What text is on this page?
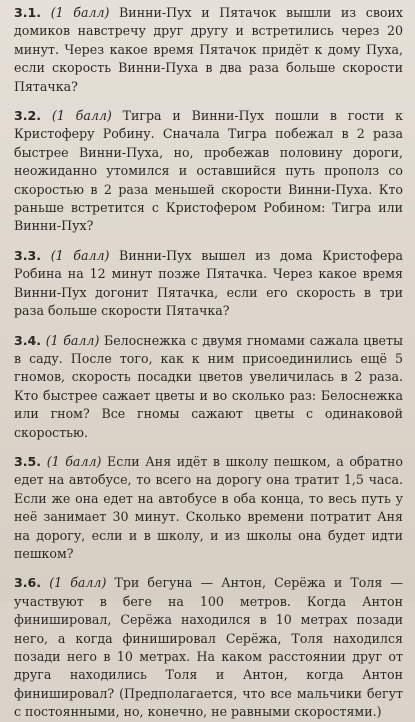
3.1. (1 балл) Винни-Пух и Пятачок вышли из своих домиков навстречу друг другу и встретились через 20 минут. Через какое время Пятачок придёт к дому Пуха, если скорость Винни-Пуха в два раза больше скорости Пятачка?

3.2. (1 балл) Тигра и Винни-Пух пошли в гости к Кристоферу Робину. Сначала Тигра побежал в 2 раза быстрее Винни-Пуха, но, пробежав половину дороги, неожиданно утомился и оставшийся путь прополз со скоростью в 2 раза меньшей скорости Винни-Пуха. Кто раньше встретится с Кристофером Робином: Тигра или Винни-Пух?

3.3. (1 балл) Винни-Пух вышел из дома Кристофера Робина на 12 минут позже Пятачка. Через какое время Винни-Пух догонит Пятачка, если его скорость в три раза больше скорости Пятачка?

3.4. (1 балл) Белоснежка с двумя гномами сажала цветы в саду. После того, как к ним присоединились ещё 5 гномов, скорость посадки цветов увеличилась в 2 раза. Кто быстрее сажает цветы и во сколько раз: Белоснежка или гном? Все гномы сажают цветы с одинаковой скоростью.

3.5. (1 балл) Если Аня идёт в школу пешком, а обратно едет на автобусе, то всего на дорогу она тратит 1,5 часа. Если же она едет на автобусе в оба конца, то весь путь у неё занимает 30 минут. Сколько времени потратит Аня на дорогу, если и в школу, и из школы она будет идти пешком?

3.6. (1 балл) Три бегуна — Антон, Серёжа и Толя — участвуют в беге на 100 метров. Когда Антон финишировал, Серёжа находился в 10 метрах позади него, а когда финишировал Серёжа, Толя находился позади него в 10 метрах. На каком расстоянии друг от друга находились Толя и Антон, когда Антон финишировал? (Предполагается, что все мальчики бегут с постоянными, но, конечно, не равными скоростями.)
